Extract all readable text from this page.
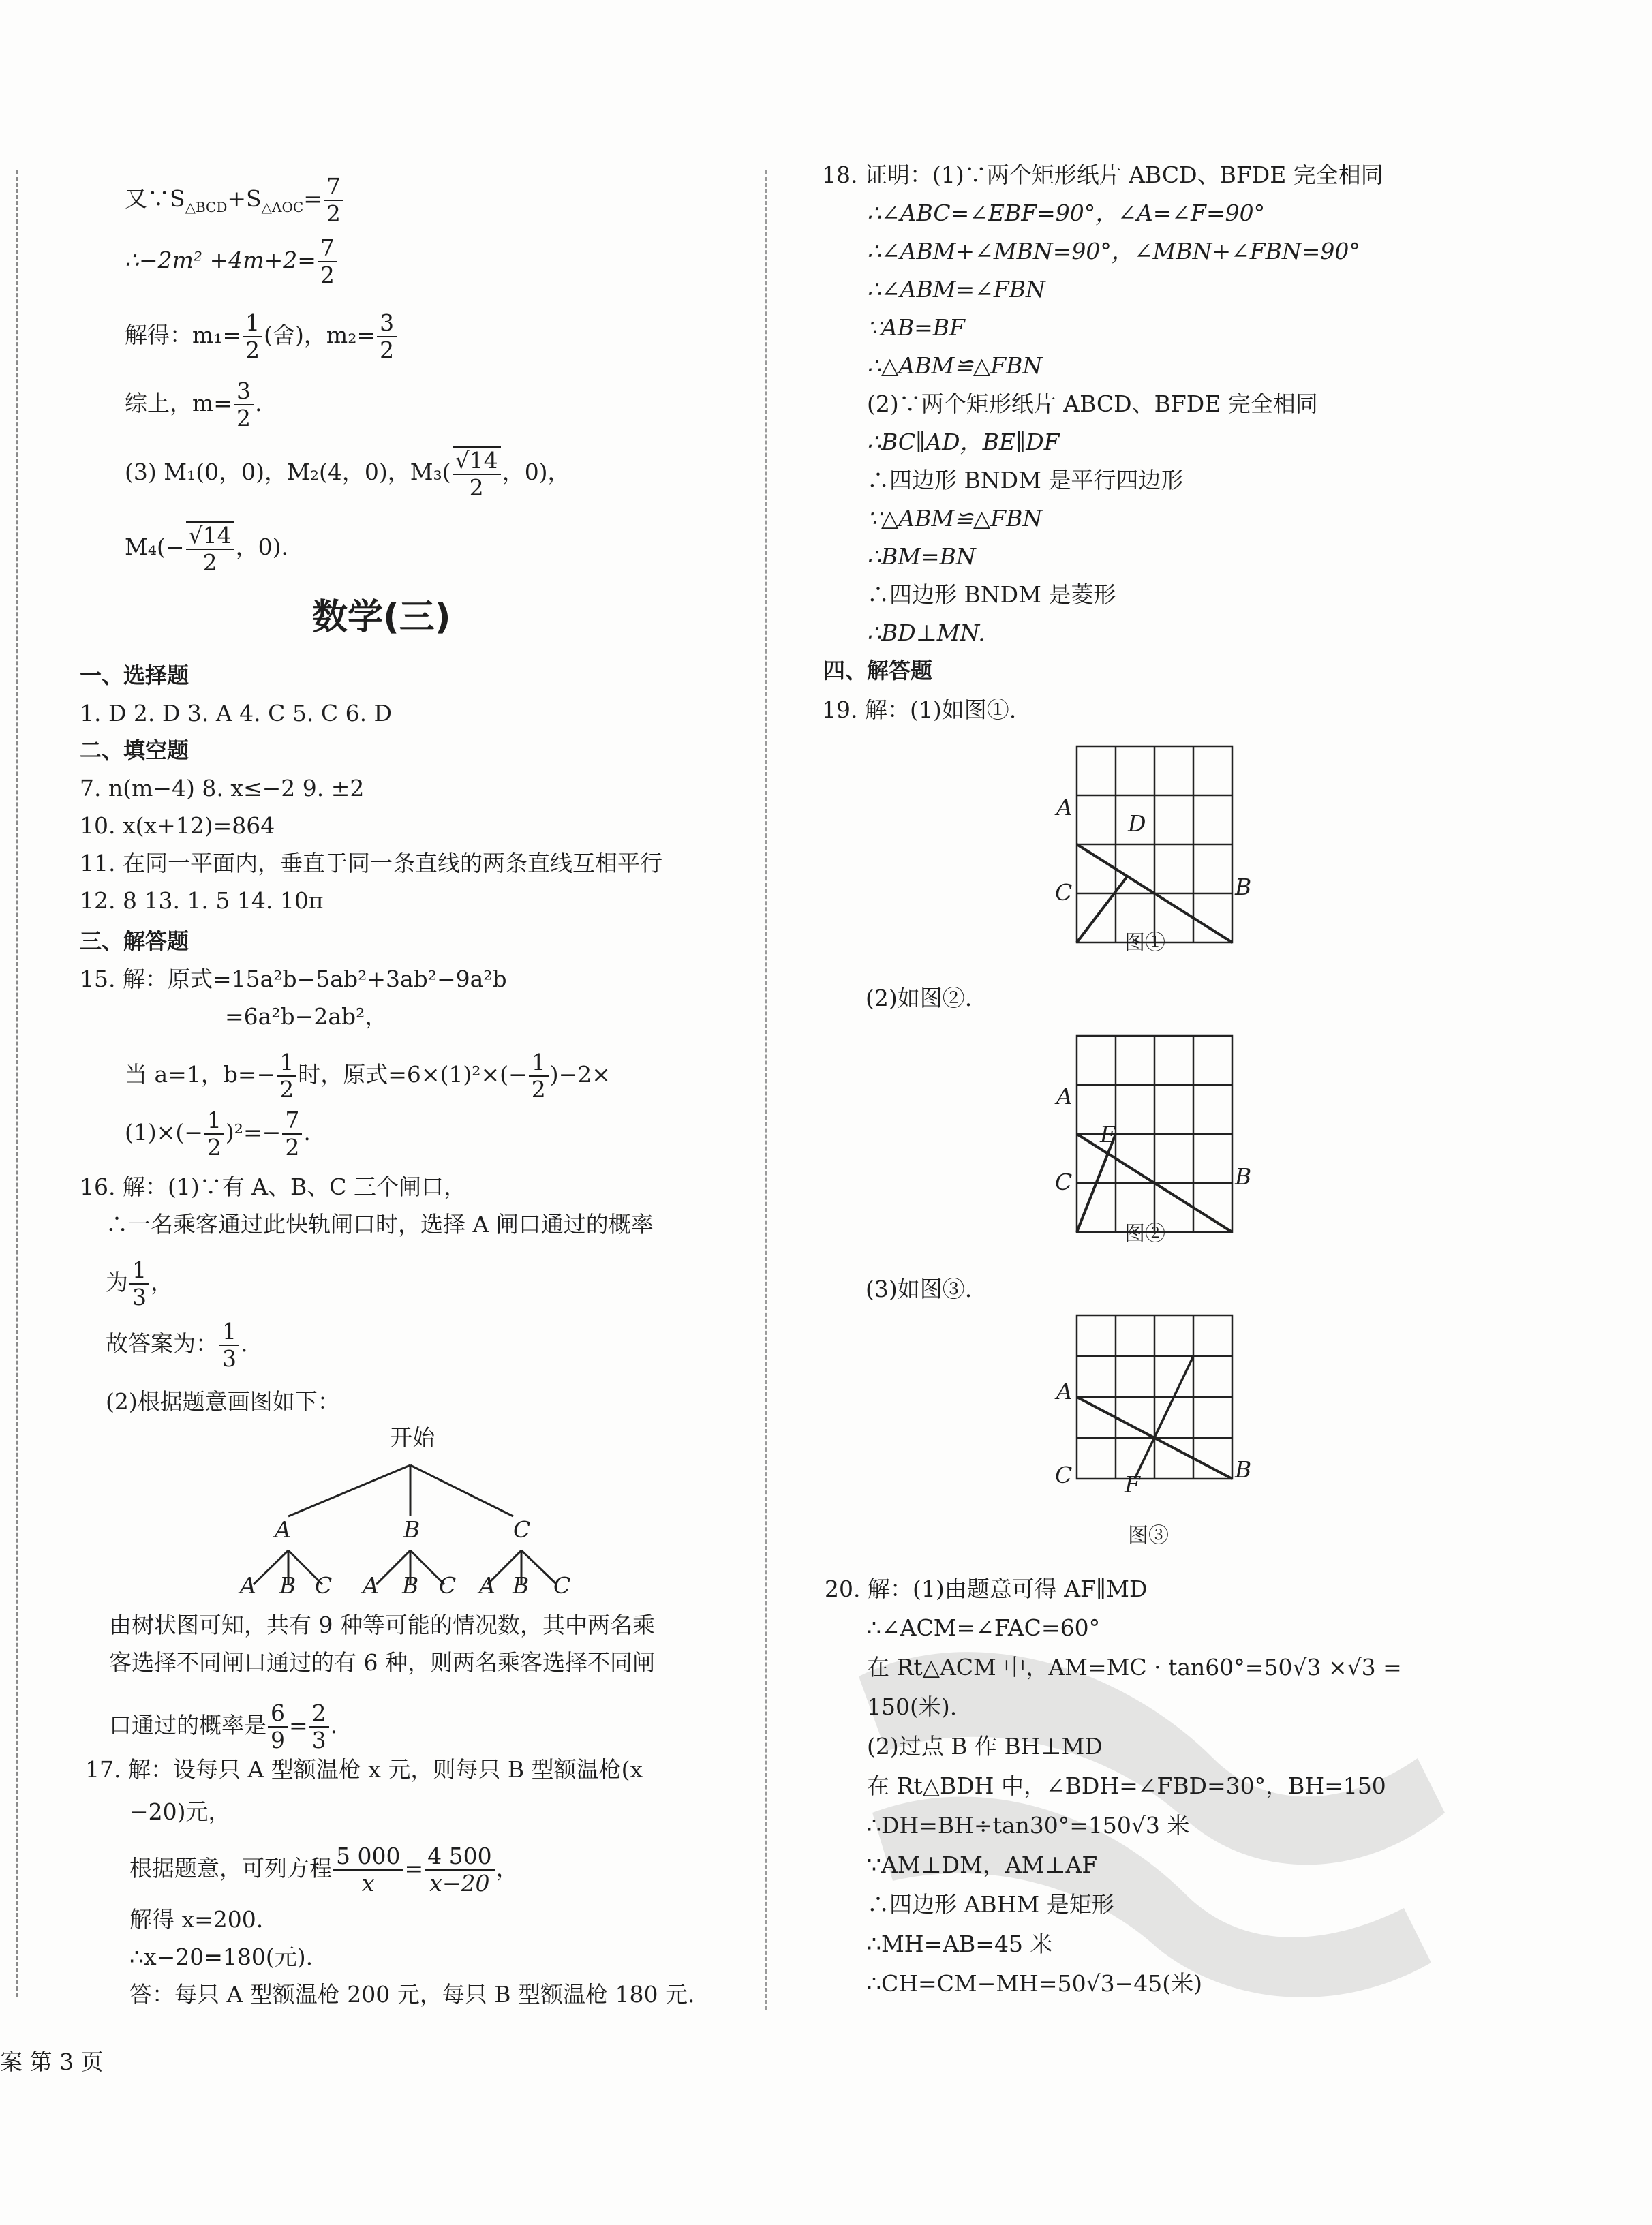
又$\because S_{\triangle BCD}+S_{\triangle AOC}= \frac{7}{2}$
∴−2m² $+4m+2= \frac{7}{2}$
解得：$m_1= \frac{1}{2}$ (舍)，$m_2= \frac{3}{2}$
综上，$m= \frac{3}{2}$ .
(3) M₁(0，0)，M₂(4，0)，$M_3( \frac{√14}{2}$ ，0)，
$M_4(- \frac{√14}{2}$ ，0).
数学(三)
一、选择题
1. D 2. D 3. A 4. C 5. C 6. D
二、填空题
7. n(m−4) 8. x≤−2 9. ±2
10. x(x+12)=864
11. 在同一平面内，垂直于同一条直线的两条直线互相平行
12. 8 13. 1. 5 14. 10π
三、解答题
15. 解：原式=15a²b−5ab²+3ab²−9a²b
=6a²b−2ab²，
当 a=1，$b=- \frac{1}{2}$ 时，原式$=6\times(1)^2\times(- \frac{1}{2} )-2\times$
$(1)\times(- \frac{1}{2} )^2=- \frac{7}{2}$ .
16. 解：(1)∵有 A、B、C 三个闸口，
∴一名乘客通过此快轨闸口时，选择 A 闸口通过的概率
为 $\frac{1}{3}$ ，
故答案为： $\frac{1}{3}$ .
(2)根据题意画图如下：
开始
A	B	C
A B C A B C A B C
由树状图可知，共有 9 种等可能的情况数，其中两名乘
客选择不同闸口通过的有 6 种，则两名乘客选择不同闸
口通过的概率是 $\frac{6}{9} = \frac{2}{3}$ .
17. 解：设每只 A 型额温枪 x 元，则每只 B 型额温枪(x
−20)元，
根据题意，可列方程 $\frac{5 000}{x} = \frac{4 500}{x-20}$ ，
解得 x=200.
∴x−20=180(元).
答：每只 A 型额温枪 200 元，每只 B 型额温枪 180 元.
案 第 3 页
18. 证明：(1)∵两个矩形纸片 ABCD、BFDE 完全相同
∴∠ABC=∠EBF=90°，∠A=∠F=90°
∴∠ABM+∠MBN=90°，∠MBN+∠FBN=90°
∴∠ABM=∠FBN
∵AB=BF
∴△ABM≌△FBN
(2)∵两个矩形纸片 ABCD、BFDE 完全相同
∴BC∥AD，BE∥DF
∴四边形 BNDM 是平行四边形
∵△ABM≌△FBN
∴BM=BN
∴四边形 BNDM 是菱形
∴BD⊥MN.
四、解答题
19. 解：(1)如图①.
A
D
C	B
图①
(2)如图②.
A
E
C	B
图②
(3)如图③.
A
C F
B
图③
20. 解：(1)由题意可得 AF∥MD
∴∠ACM=∠FAC=60°
在 Rt△ACM 中，AM=MC · tan60°=50√3 ×√3 =
150(米).
(2)过点 B 作 BH⊥MD
在 Rt△BDH 中，∠BDH=∠FBD=30°，BH=150
∴DH=BH÷tan30°=150√3 米
∵AM⊥DM，AM⊥AF
∴四边形 ABHM 是矩形
∴MH=AB=45 米
∴CH=CM−MH=50√3−45(米)
